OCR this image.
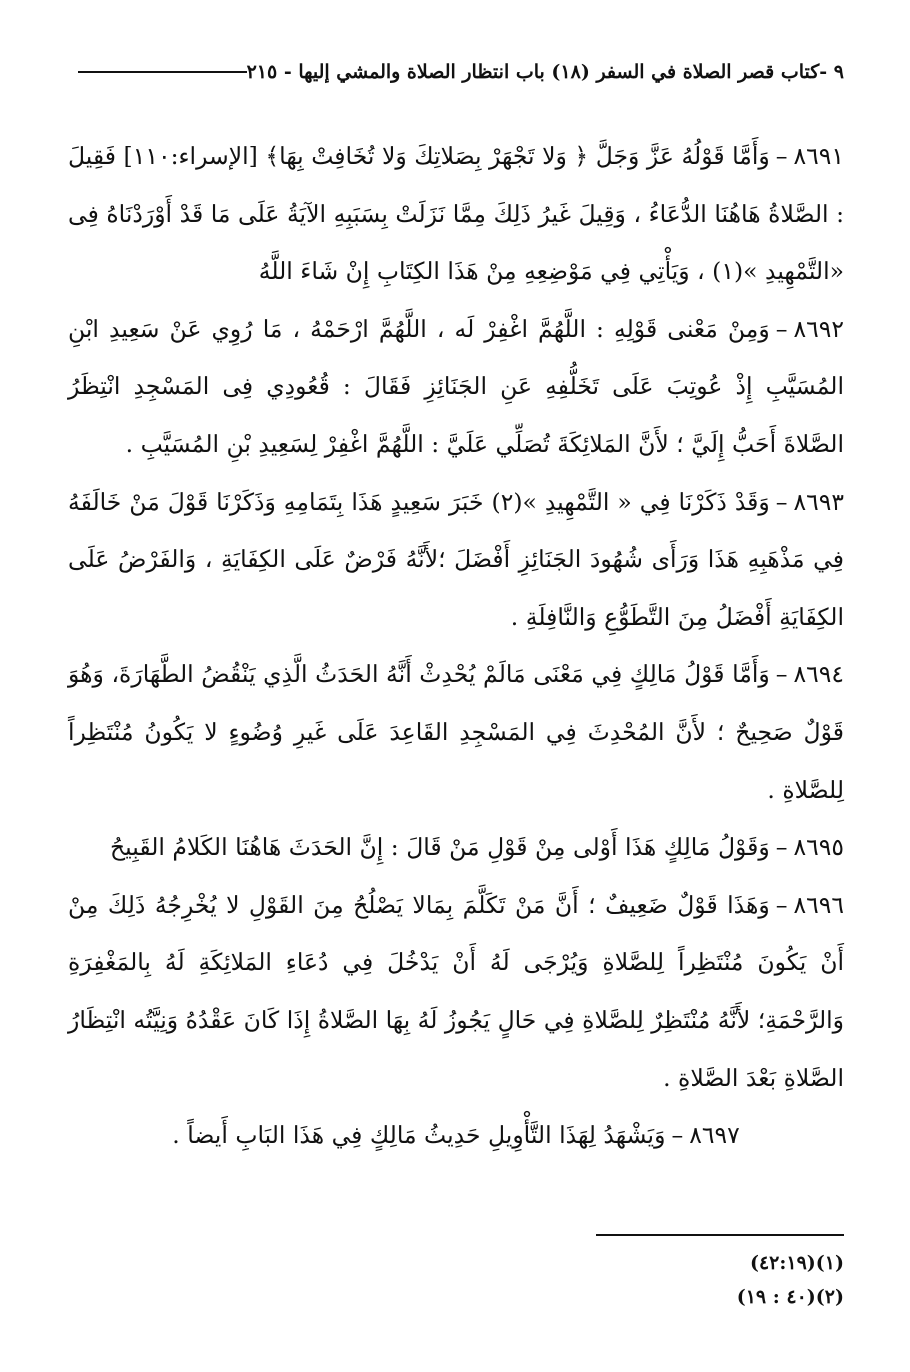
٩ -كتاب قصر الصلاة في السفر (١٨) باب انتظار الصلاة والمشي إليها - ٢١٥

٨٦٩١–وَأَمَّا قَوْلُهُ عَزَّ وَجَلَّ ﴿ وَلا تَجْهَرْ بِصَلاتِكَ وَلا تُخَافِتْ بِهَا﴾ [الإسراء:١١٠] فَقِيلَ : الصَّلاةُ هَاهُنَا الدُّعَاءُ ، وَقِيلَ غَيرُ ذَلِكَ مِمَّا نَزَلَتْ بِسَبَبِهِ الآيَةُ عَلَى مَا قَدْ أَوْرَدْنَاهُ فِى «التَّمْهِيدِ »(١) ، وَيَأْتِي فِي مَوْضِعِهِ مِنْ هَذَا الكِتَابِ إِنْ شَاءَ اللَّهُ

٨٦٩٢–وَمِنْ مَعْنى قَوْلِهِ : اللَّهُمَّ اغْفِرْ لَه ، اللَّهُمَّ ارْحَمْهُ ، مَا رُوِي عَنْ سَعِيدِ ابْنِ المُسَيَّبِ إِذْ عُوتِبَ عَلَى تَخَلُّفِهِ عَنِ الجَنَائِزِ فَقَالَ : قُعُودِي فِى المَسْجِدِ انْتِظَرُ الصَّلاةَ أَحَبُّ إِلَيَّ ؛ لأَنَّ المَلائِكَةَ تُصَلِّي عَلَيَّ : اللَّهُمَّ اغْفِرْ لِسَعِيدِ بْنِ المُسَيَّبِ .

٨٦٩٣–وَقَدْ ذَكَرْنَا فِي « التَّمْهِيدِ »(٢) خَبَرَ سَعِيدٍ هَذَا بِتَمَامِهِ وَذَكَرْنَا قَوْلَ مَنْ خَالَفَهُ فِي مَذْهَبِهِ هَذَا وَرَأَى شُهُودَ الجَنَائِزِ أَفْضَلَ ؛لأَنَّهُ فَرْضٌ عَلَى الكِفَايَةِ ، وَالفَرْضُ عَلَى الكِفَايَةِ أَفْضَلُ مِنَ التَّطَوُّعِ وَالنَّافِلَةِ .

٨٦٩٤–وَأَمَّا قَوْلُ مَالِكٍ فِي مَعْنَى مَالَمْ يُحْدِثْ أَنَّهُ الحَدَثُ الَّذِي يَنْقُضُ الطَّهَارَةَ، وَهُوَ قَوْلٌ صَحِيحٌ ؛ لأَنَّ المُحْدِثَ فِي المَسْجِدِ القَاعِدَ عَلَى غَيرِ وُضُوءٍ لا يَكُونُ مُنْتَظِراً لِلصَّلاةِ .

٨٦٩٥–وَقَوْلُ مَالِكٍ هَذَا أَوْلى مِنْ قَوْلِ مَنْ قَالَ : إِنَّ الحَدَثَ هَاهُنَا الكَلامُ القَبِيحُ

٨٦٩٦–وَهَذَا قَوْلٌ ضَعِيفٌ ؛ أَنَّ مَنْ تَكَلَّمَ بِمَالا يَصْلُحُ مِنَ القَوْلِ لا يُخْرِجُهُ ذَلِكَ مِنْ أَنْ يَكُونَ مُنْتَظِراً لِلصَّلاةِ وَيُرْجَى لَهُ أَنْ يَدْخُلَ فِي دُعَاءِ المَلائِكَةِ لَهُ بِالمَغْفِرَةِ وَالرَّحْمَةِ؛ لأَنَّهُ مُنْتَظِرٌ لِلصَّلاةِ فِي حَالٍ يَجُوزُ لَهُ بِهَا الصَّلاةُ إِذَا كَانَ عَقْدُهُ وَنِيَّتُه انْتِظَارُ الصَّلاةِ بَعْدَ الصَّلاةِ .

٨٦٩٧–وَيَشْهَدُ لِهَذَا التَّأْوِيلِ حَدِيثُ مَالِكٍ فِي هَذَا البَابِ أَيضاً .

(١)(٤٢:١٩)

(٢)(٤٠ : ١٩)
